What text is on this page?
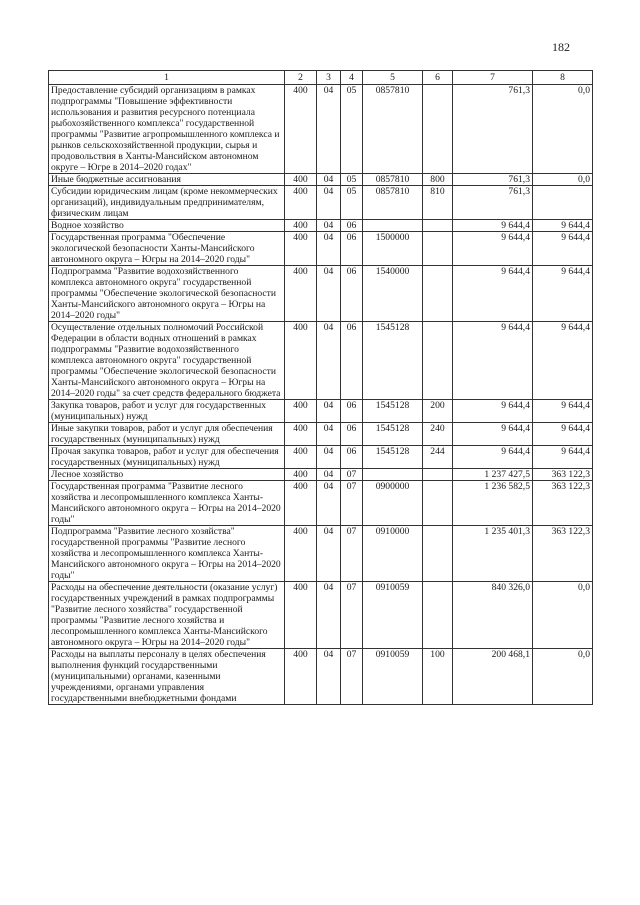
182
1	2	3	4	5	6	7	8
Предоставление субсидий организациям в рамках подпрограммы "Повышение эффективности использования и развития ресурсного потенциала рыбохозяйственного комплекса" государственной программы "Развитие агропромышленного комплекса и рынков сельскохозяйственной продукции, сырья и продовольствия в Ханты-Мансийском автономном округе – Югре в 2014–2020 годах"	400	04	05	0857810		761,3	0,0
Иные бюджетные ассигнования	400	04	05	0857810	800	761,3	0,0
Субсидии юридическим лицам (кроме некоммерческих организаций), индивидуальным предпринимателям, физическим лицам	400	04	05	0857810	810	761,3	
Водное хозяйство	400	04	06			9 644,4	9 644,4
Государственная программа "Обеспечение экологической безопасности Ханты-Мансийского автономного округа – Югры на 2014–2020 годы"	400	04	06	1500000		9 644,4	9 644,4
Подпрограмма "Развитие водохозяйственного комплекса автономного округа" государственной программы "Обеспечение экологической безопасности Ханты-Мансийского автономного округа – Югры на 2014–2020 годы"	400	04	06	1540000		9 644,4	9 644,4
Осуществление отдельных полномочий Российской Федерации в области водных отношений в рамках подпрограммы "Развитие водохозяйственного комплекса автономного округа" государственной программы "Обеспечение экологической безопасности Ханты-Мансийского автономного округа – Югры на 2014–2020 годы" за счет средств федерального бюджета	400	04	06	1545128		9 644,4	9 644,4
Закупка товаров, работ и услуг для государственных (муниципальных) нужд	400	04	06	1545128	200	9 644,4	9 644,4
Иные закупки товаров, работ и услуг для обеспечения государственных (муниципальных) нужд	400	04	06	1545128	240	9 644,4	9 644,4
Прочая закупка товаров, работ и услуг для обеспечения государственных (муниципальных) нужд	400	04	06	1545128	244	9 644,4	9 644,4
Лесное хозяйство	400	04	07			1 237 427,5	363 122,3
Государственная программа "Развитие лесного хозяйства и лесопромышленного комплекса Ханты-Мансийского автономного округа – Югры на 2014–2020 годы"	400	04	07	0900000		1 236 582,5	363 122,3
Подпрограмма "Развитие лесного хозяйства" государственной программы "Развитие лесного хозяйства и лесопромышленного комплекса Ханты-Мансийского автономного округа – Югры на 2014–2020 годы"	400	04	07	0910000		1 235 401,3	363 122,3
Расходы на обеспечение деятельности (оказание услуг) государственных учреждений в рамках подпрограммы "Развитие лесного хозяйства" государственной программы "Развитие лесного хозяйства и лесопромышленного комплекса Ханты-Мансийского автономного округа – Югры на 2014–2020 годы"	400	04	07	0910059		840 326,0	0,0
Расходы на выплаты персоналу в целях обеспечения выполнения функций государственными (муниципальными) органами, казенными учреждениями, органами управления государственными внебюджетными фондами	400	04	07	0910059	100	200 468,1	0,0
